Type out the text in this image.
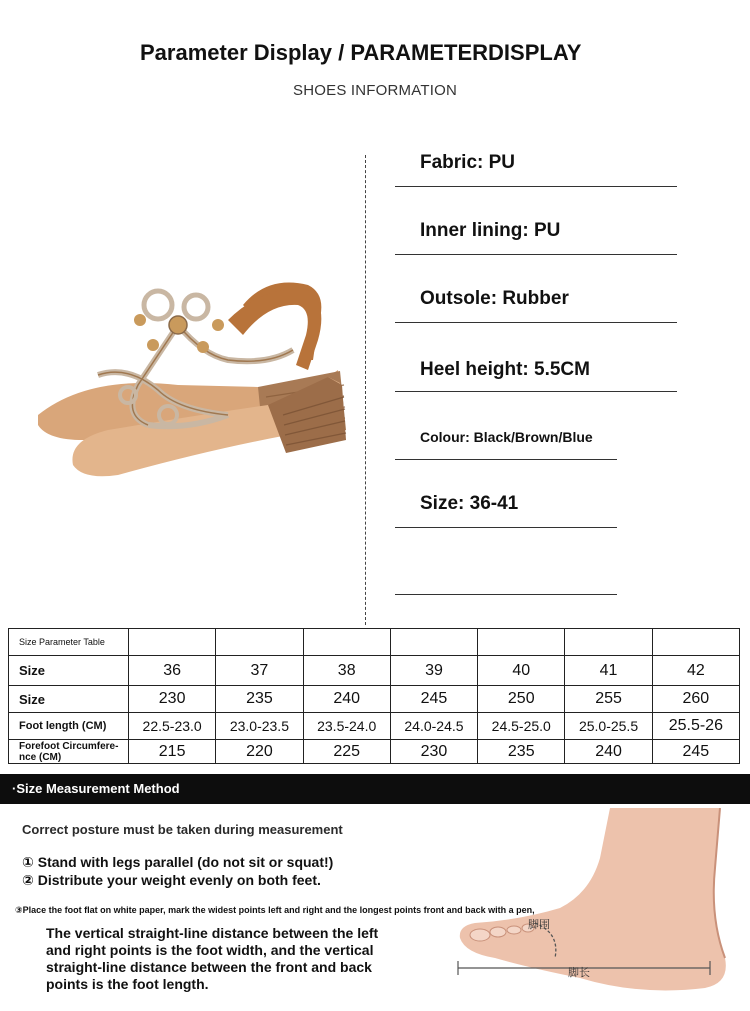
Parameter Display / PARAMETERDISPLAY
SHOES INFORMATION
Fabric: PU
Inner lining: PU
Outsole: Rubber
Heel height: 5.5CM
Colour: Black/Brown/Blue
Size: 36-41
Size Parameter Table							
Size	36	37	38	39	40	41	42
Size	230	235	240	245	250	255	260
Foot length (CM)	22.5-23.0	23.0-23.5	23.5-24.0	24.0-24.5	24.5-25.0	25.0-25.5	25.5-26
Forefoot Circumfere-nce (CM)	215	220	225	230	235	240	245
·Size Measurement Method
Correct posture must be taken during measurement
① Stand with legs parallel (do not sit or squat!)
② Distribute your weight evenly on both feet.
③Place the foot flat on white paper, mark the widest points left and right and the longest points front and back with a pen,
The vertical straight-line distance between the left and right points is the foot width, and the vertical straight-line distance between the front and back points is the foot length.
脚围
脚长
